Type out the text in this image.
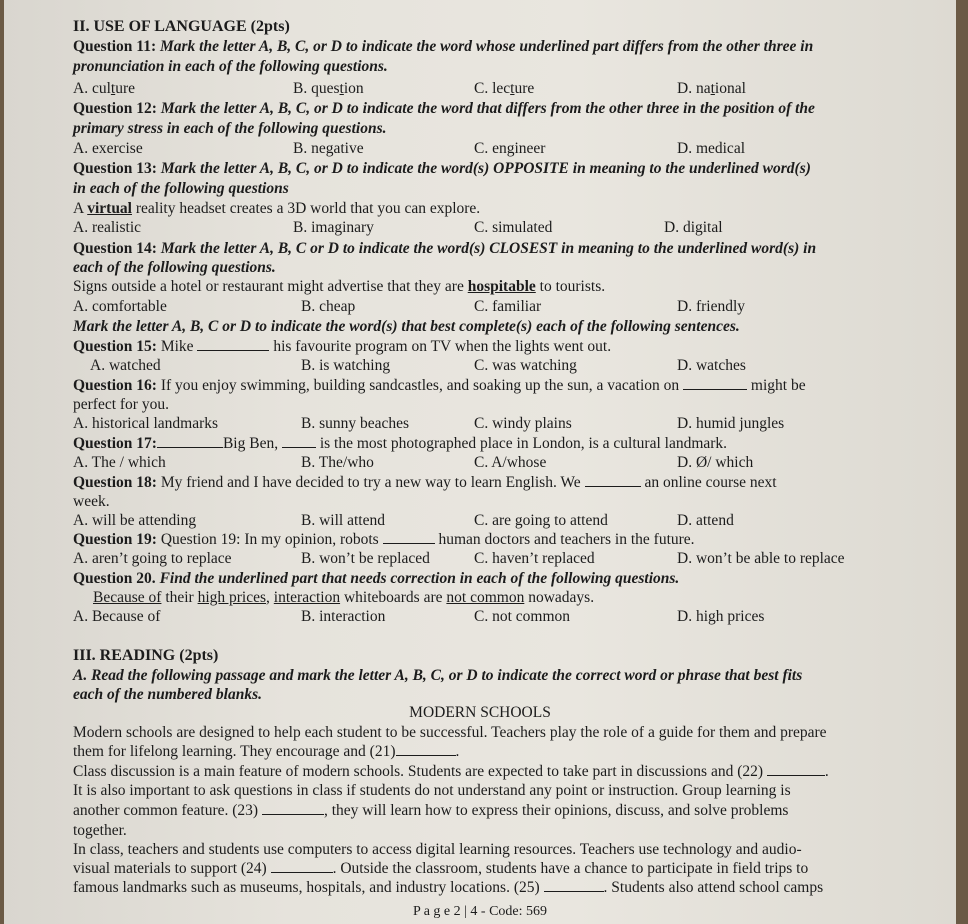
II. USE OF LANGUAGE (2pts)
Question 11: Mark the letter A, B, C, or D to indicate the word whose underlined part differs from the other three in
pronunciation in each of the following questions.
A. culture	B. question	C. lecture	D. national
Question 12: Mark the letter A, B, C, or D to indicate the word that differs from the other three in the position of the
primary stress in each of the following questions.
A. exercise	B. negative	C. engineer	D. medical
Question 13: Mark the letter A, B, C, or D to indicate the word(s) OPPOSITE in meaning to the underlined word(s)
in each of the following questions
A virtual reality headset creates a 3D world that you can explore.
A. realistic	B. imaginary	C. simulated	D. digital
Question 14: Mark the letter A, B, C or D to indicate the word(s) CLOSEST in meaning to the underlined word(s) in
each of the following questions.
Signs outside a hotel or restaurant might advertise that they are hospitable to tourists.
A. comfortable	B. cheap	C. familiar	D. friendly
Mark the letter A, B, C or D to indicate the word(s) that best complete(s) each of the following sentences.
Question 15: Mike	his favourite program on TV when the lights went out.
A. watched	B. is watching	C. was watching	D. watches
Question 16: If you enjoy swimming, building sandcastles, and soaking up the sun, a vacation on	might be
perfect for you.
A. historical landmarks	B. sunny beaches	C. windy plains	D. humid jungles
Question 17:	Big Ben,	is the most photographed place in London, is a cultural landmark.
A. The / which	B. The/who	C. A/whose	D. Ø/ which
Question 18: My friend and I have decided to try a new way to learn English. We	an online course next
week.
A. will be attending	B. will attend	C. are going to attend	D. attend
Question 19: Question 19: In my opinion, robots	human doctors and teachers in the future.
A. aren’t going to replace	B. won’t be replaced	C. haven’t replaced	D. won’t be able to replace
Question 20. Find the underlined part that needs correction in each of the following questions.
Because of their high prices, interaction whiteboards are not common nowadays.
A. Because of	B. interaction	C. not common	D. high prices
III. READING (2pts)
A. Read the following passage and mark the letter A, B, C, or D to indicate the correct word or phrase that best fits
each of the numbered blanks.
MODERN SCHOOLS
Modern schools are designed to help each student to be successful. Teachers play the role of a guide for them and prepare
them for lifelong learning. They encourage and (21)	.
Class discussion is a main feature of modern schools. Students are expected to take part in discussions and (22)	.
It is also important to ask questions in class if students do not understand any point or instruction. Group learning is
another common feature. (23)	, they will learn how to express their opinions, discuss, and solve problems
together.
In class, teachers and students use computers to access digital learning resources. Teachers use technology and audio-
visual materials to support (24)	. Outside the classroom, students have a chance to participate in field trips to
famous landmarks such as museums, hospitals, and industry locations. (25)	. Students also attend school camps
P a g e 2 | 4 - Code: 569
